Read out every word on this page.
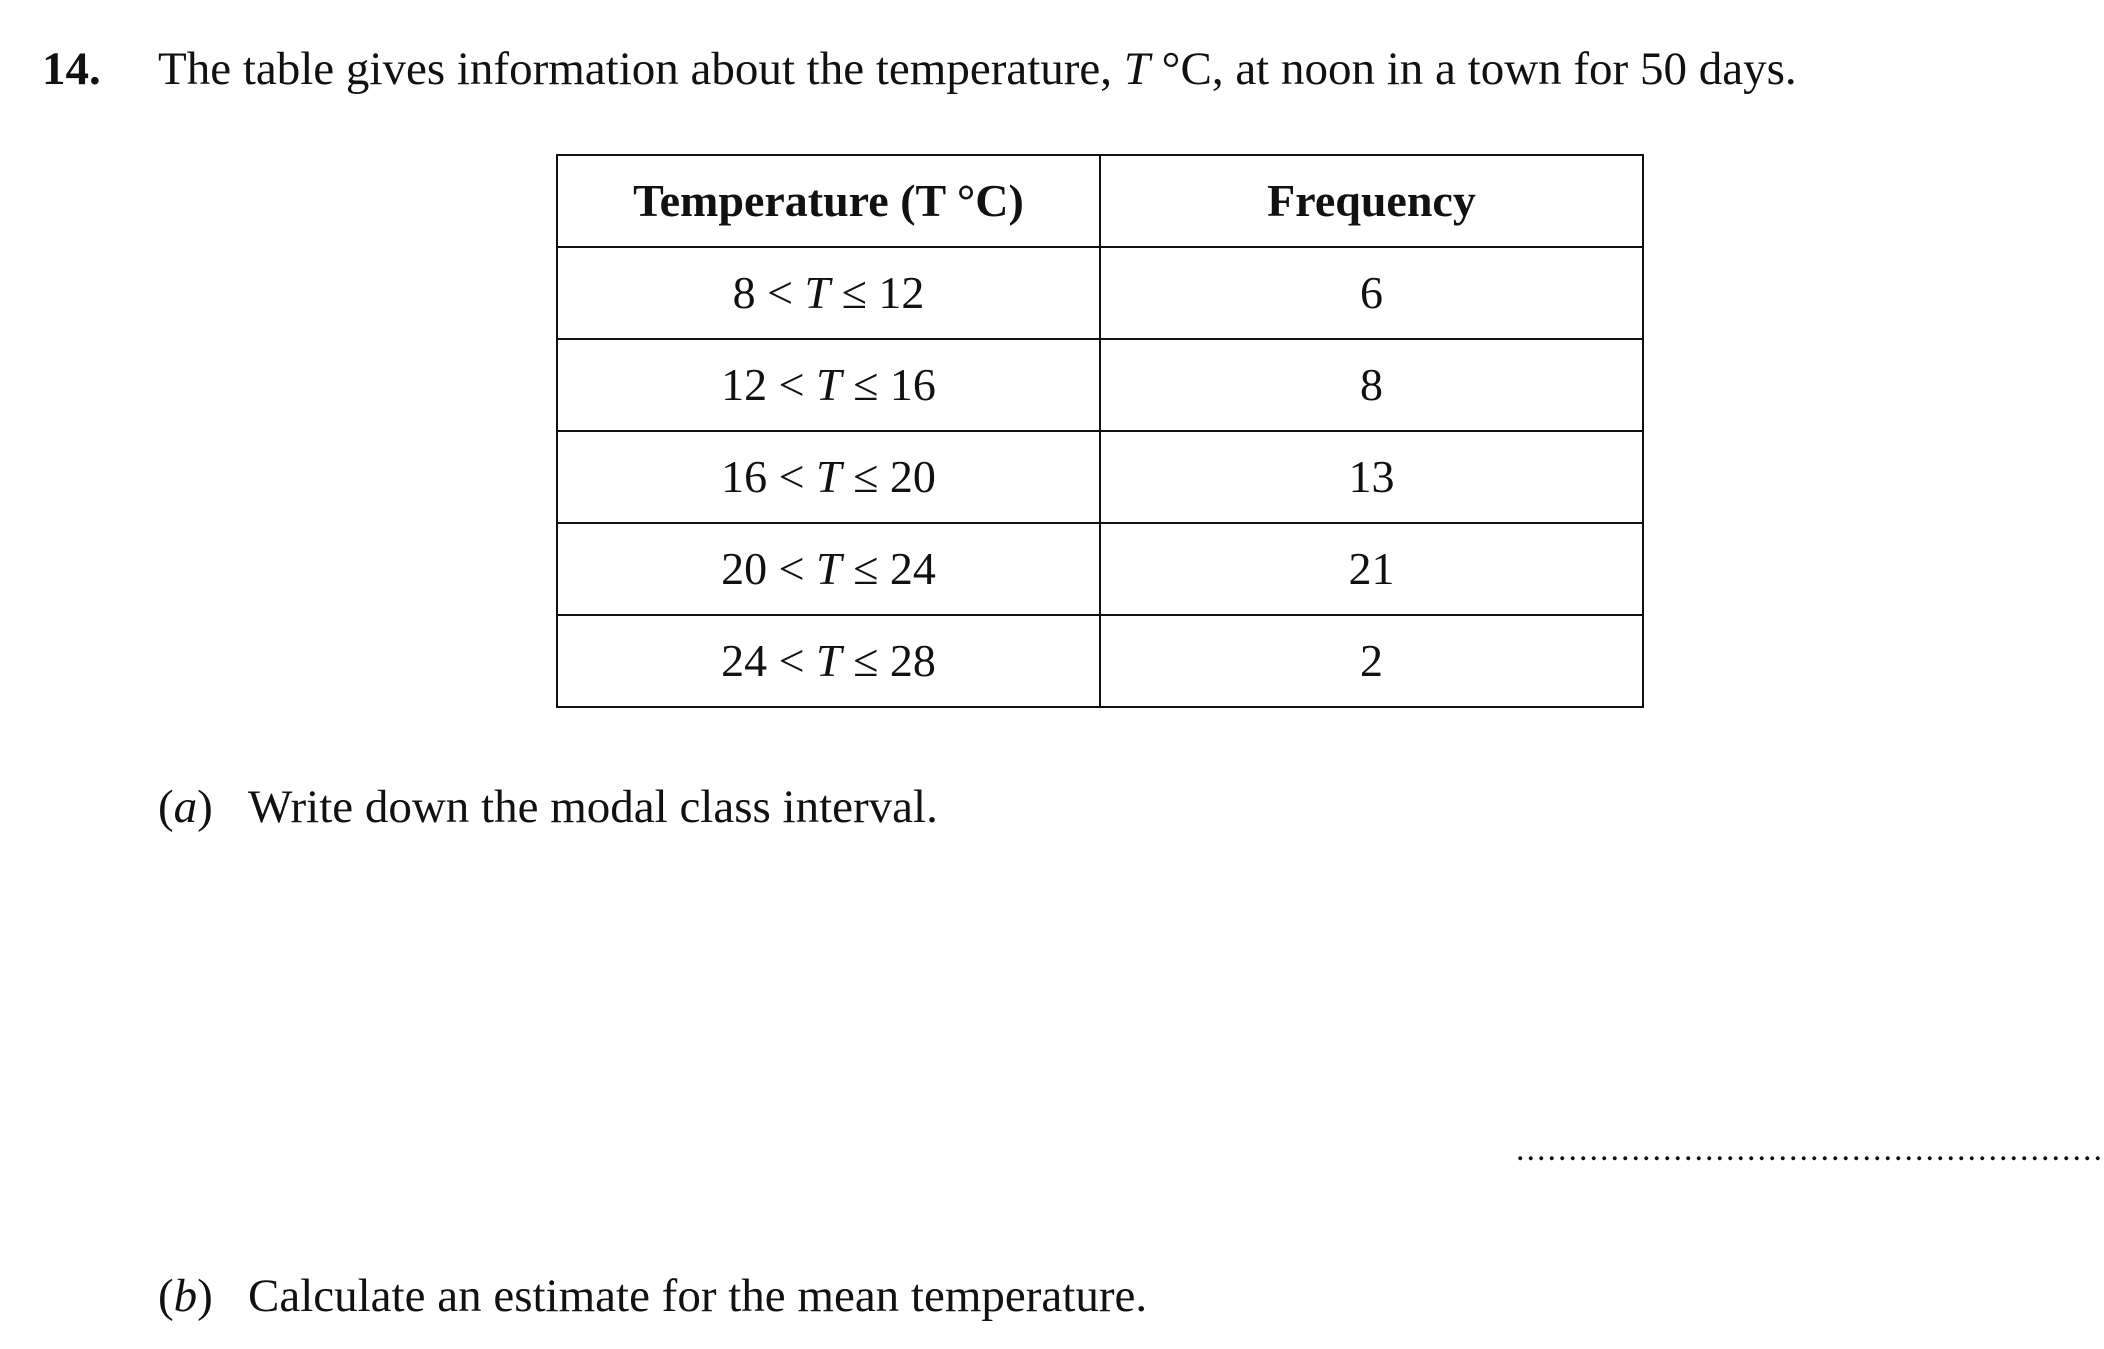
14. The table gives information about the temperature, T °C, at noon in a town for 50 days.
Temperature (T °C)	Frequency
8 < T ≤ 12	6
12 < T ≤ 16	8
16 < T ≤ 20	13
20 < T ≤ 24	21
24 < T ≤ 28	2
(a) Write down the modal class interval.
........................................................
(b) Calculate an estimate for the mean temperature.
